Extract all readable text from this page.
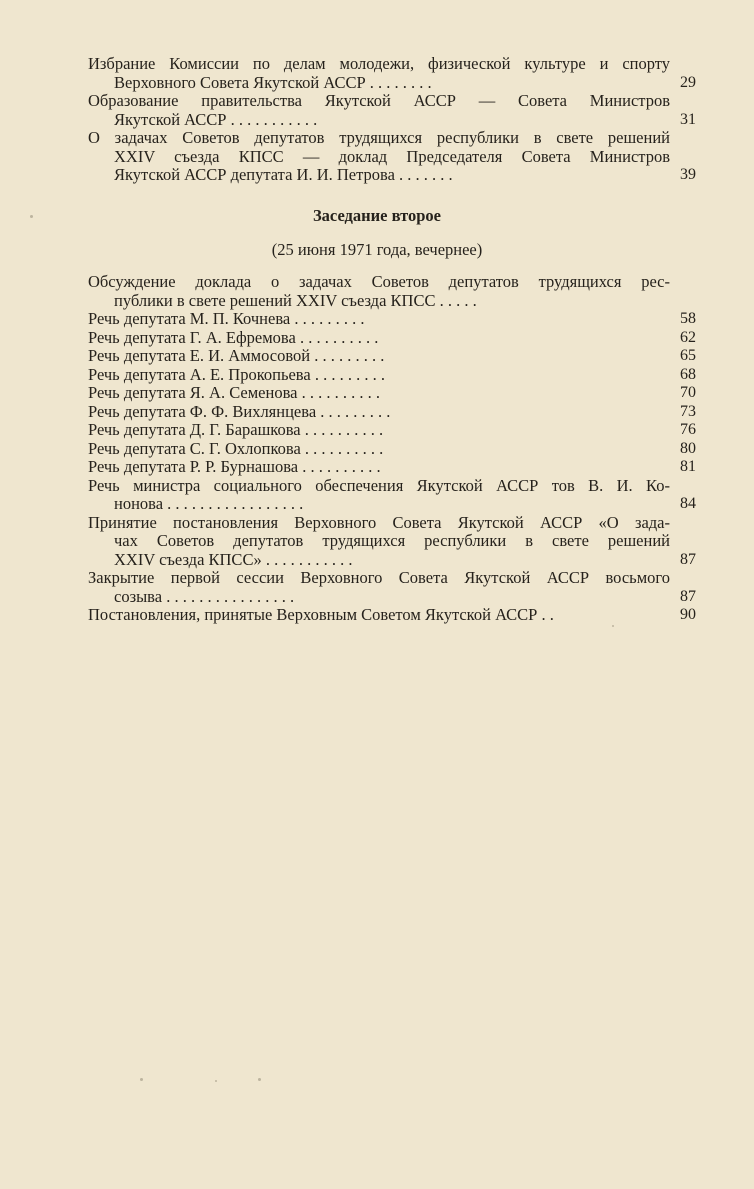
Избрание Комиссии по делам молодежи, физической культуре и спорту
Верховного Совета Якутской АССР . . . . . . . .	29
Образование правительства Якутской АССР — Совета Министров
Якутской АССР . . . . . . . . . . .	31
О задачах Советов депутатов трудящихся республики в свете решений
XXIV съезда КПСС — доклад Председателя Совета Министров
Якутской АССР депутата И. И. Петрова . . . . . . .	39
Заседание второе
(25 июня 1971 года, вечернее)
Обсуждение доклада о задачах Советов депутатов трудящихся рес-
публики в свете решений XXIV съезда КПСС . . . . .
Речь депутата М. П. Кочнева . . . . . . . . .	58
Речь депутата Г. А. Ефремова . . . . . . . . . .	62
Речь депутата Е. И. Аммосовой . . . . . . . . .	65
Речь депутата А. Е. Прокопьева . . . . . . . . .	68
Речь депутата Я. А. Семенова . . . . . . . . . .	70
Речь депутата Ф. Ф. Вихлянцева . . . . . . . . .	73
Речь депутата Д. Г. Барашкова . . . . . . . . . .	76
Речь депутата С. Г. Охлопкова . . . . . . . . . .	80
Речь депутата Р. Р. Бурнашова . . . . . . . . . .	81
Речь министра социального обеспечения Якутской АССР тов В. И. Ко-
нонова . . . . . . . . . . . . . . . . .	84
Принятие постановления Верховного Совета Якутской АССР «О зада-
чах Советов депутатов трудящихся республики в свете решений
XXIV съезда КПСС» . . . . . . . . . . .	87
Закрытие первой сессии Верховного Совета Якутской АССР восьмого
созыва . . . . . . . . . . . . . . . .	87
Постановления, принятые Верховным Советом Якутской АССР . .	90
